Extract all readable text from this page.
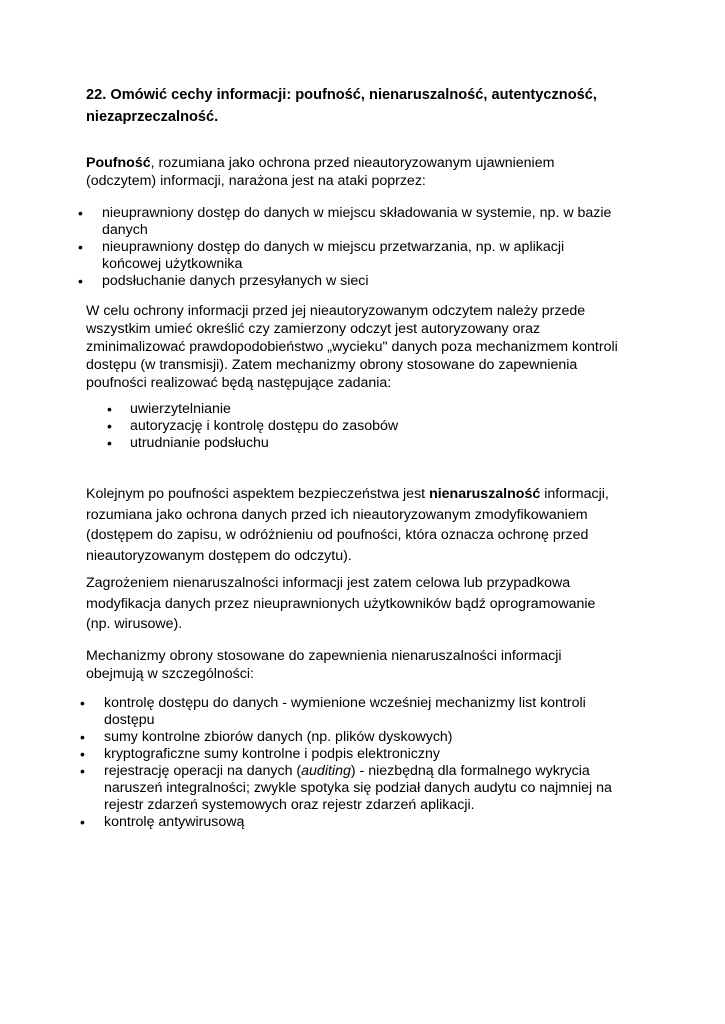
22. Omówić cechy informacji: poufność, nienaruszalność, autentyczność,
niezaprzeczalność.
Poufność, rozumiana jako ochrona przed nieautoryzowanym ujawnieniem
(odczytem) informacji, narażona jest na ataki poprzez:
•	nieuprawniony dostęp do danych w miejscu składowania w systemie, np. w bazie
danych
•	nieuprawniony dostęp do danych w miejscu przetwarzania, np. w aplikacji
końcowej użytkownika
•	podsłuchanie danych przesyłanych w sieci
W celu ochrony informacji przed jej nieautoryzowanym odczytem należy przede
wszystkim umieć określić czy zamierzony odczyt jest autoryzowany oraz
zminimalizować prawdopodobieństwo „wycieku" danych poza mechanizmem kontroli
dostępu (w transmisji). Zatem mechanizmy obrony stosowane do zapewnienia
poufności realizować będą następujące zadania:
•	uwierzytelnianie
•	autoryzację i kontrolę dostępu do zasobów
•	utrudnianie podsłuchu
Kolejnym po poufności aspektem bezpieczeństwa jest nienaruszalność informacji,
rozumiana jako ochrona danych przed ich nieautoryzowanym zmodyfikowaniem
(dostępem do zapisu, w odróżnieniu od poufności, która oznacza ochronę przed
nieautoryzowanym dostępem do odczytu).
Zagrożeniem nienaruszalności informacji jest zatem celowa lub przypadkowa
modyfikacja danych przez nieuprawnionych użytkowników bądź oprogramowanie
(np. wirusowe).
Mechanizmy obrony stosowane do zapewnienia nienaruszalności informacji
obejmują w szczególności:
•	kontrolę dostępu do danych - wymienione wcześniej mechanizmy list kontroli
dostępu
•	sumy kontrolne zbiorów danych (np. plików dyskowych)
•	kryptograficzne sumy kontrolne i podpis elektroniczny
•	rejestrację operacji na danych (auditing) - niezbędną dla formalnego wykrycia
naruszeń integralności; zwykle spotyka się podział danych audytu co najmniej na
rejestr zdarzeń systemowych oraz rejestr zdarzeń aplikacji.
•	kontrolę antywirusową
